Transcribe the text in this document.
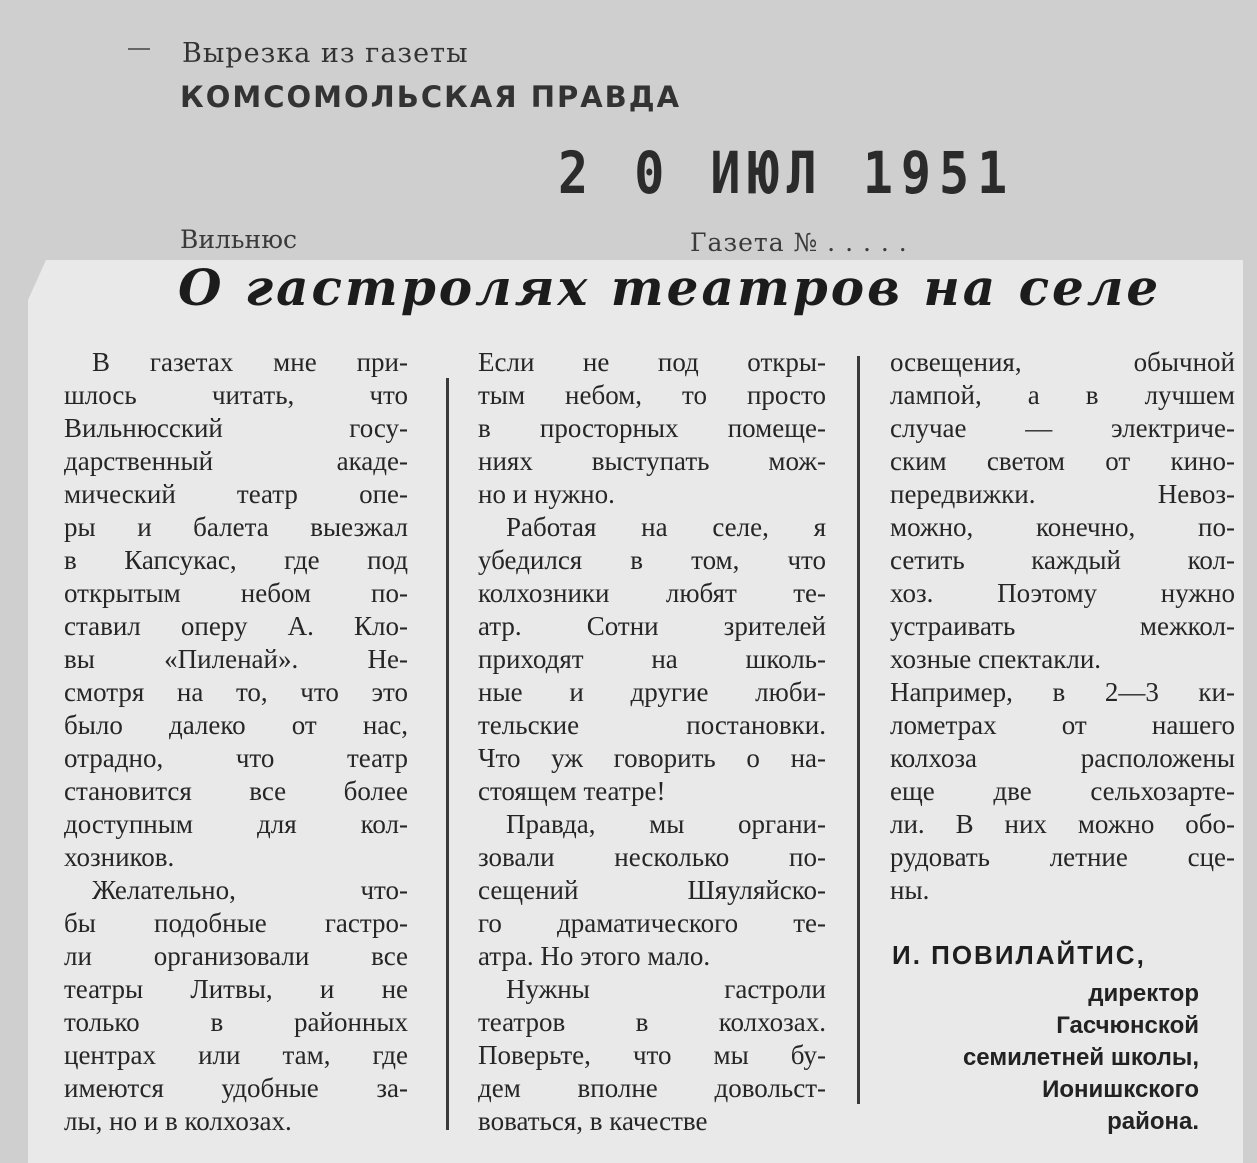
Вырезка из газеты
КОМСОМОЛЬСКАЯ ПРАВДА
2 0 ИЮЛ 1951
Вильнюс	Газета № . . . . .
О гастролях театров на селе
В газетах мне при-
шлось читать, что
Вильнюсский госу-
дарственный акаде-
мический театр опе-
ры и балета выезжал
в Капсукас, где под
открытым небом по-
ставил оперу А. Кло-
вы «Пиленай». Не-
смотря на то, что это
было далеко от нас,
отрадно, что театр
становится все более
доступным для кол-
хозников.
Желательно, что-
бы подобные гастро-
ли организовали все
театры Литвы, и не
только в районных
центрах или там, где
имеются удобные за-
лы, но и в колхозах.
Если не под откры-
тым небом, то просто
в просторных помеще-
ниях выступать мож-
но и нужно.
Работая на селе, я
убедился в том, что
колхозники любят те-
атр. Сотни зрителей
приходят на школь-
ные и другие люби-
тельские постановки.
Что уж говорить о на-
стоящем театре!
Правда, мы органи-
зовали несколько по-
сещений Шяуляйско-
го драматического те-
атра. Но этого мало.
Нужны гастроли
театров в колхозах.
Поверьте, что мы бу-
дем вполне довольст-
воваться, в качестве
освещения, обычной
лампой, а в лучшем
случае — электриче-
ским светом от кино-
передвижки. Невоз-
можно, конечно, по-
сетить каждый кол-
хоз. Поэтому нужно
устраивать межкол-
хозные спектакли.
Например, в 2—3 ки-
лометрах от нашего
колхоза расположены
еще две сельхозарте-
ли. В них можно обо-
рудовать летние сце-
ны.
И. ПОВИЛАЙТИС,
директор
Гасчюнской
семилетней школы,
Ионишкского
района.
